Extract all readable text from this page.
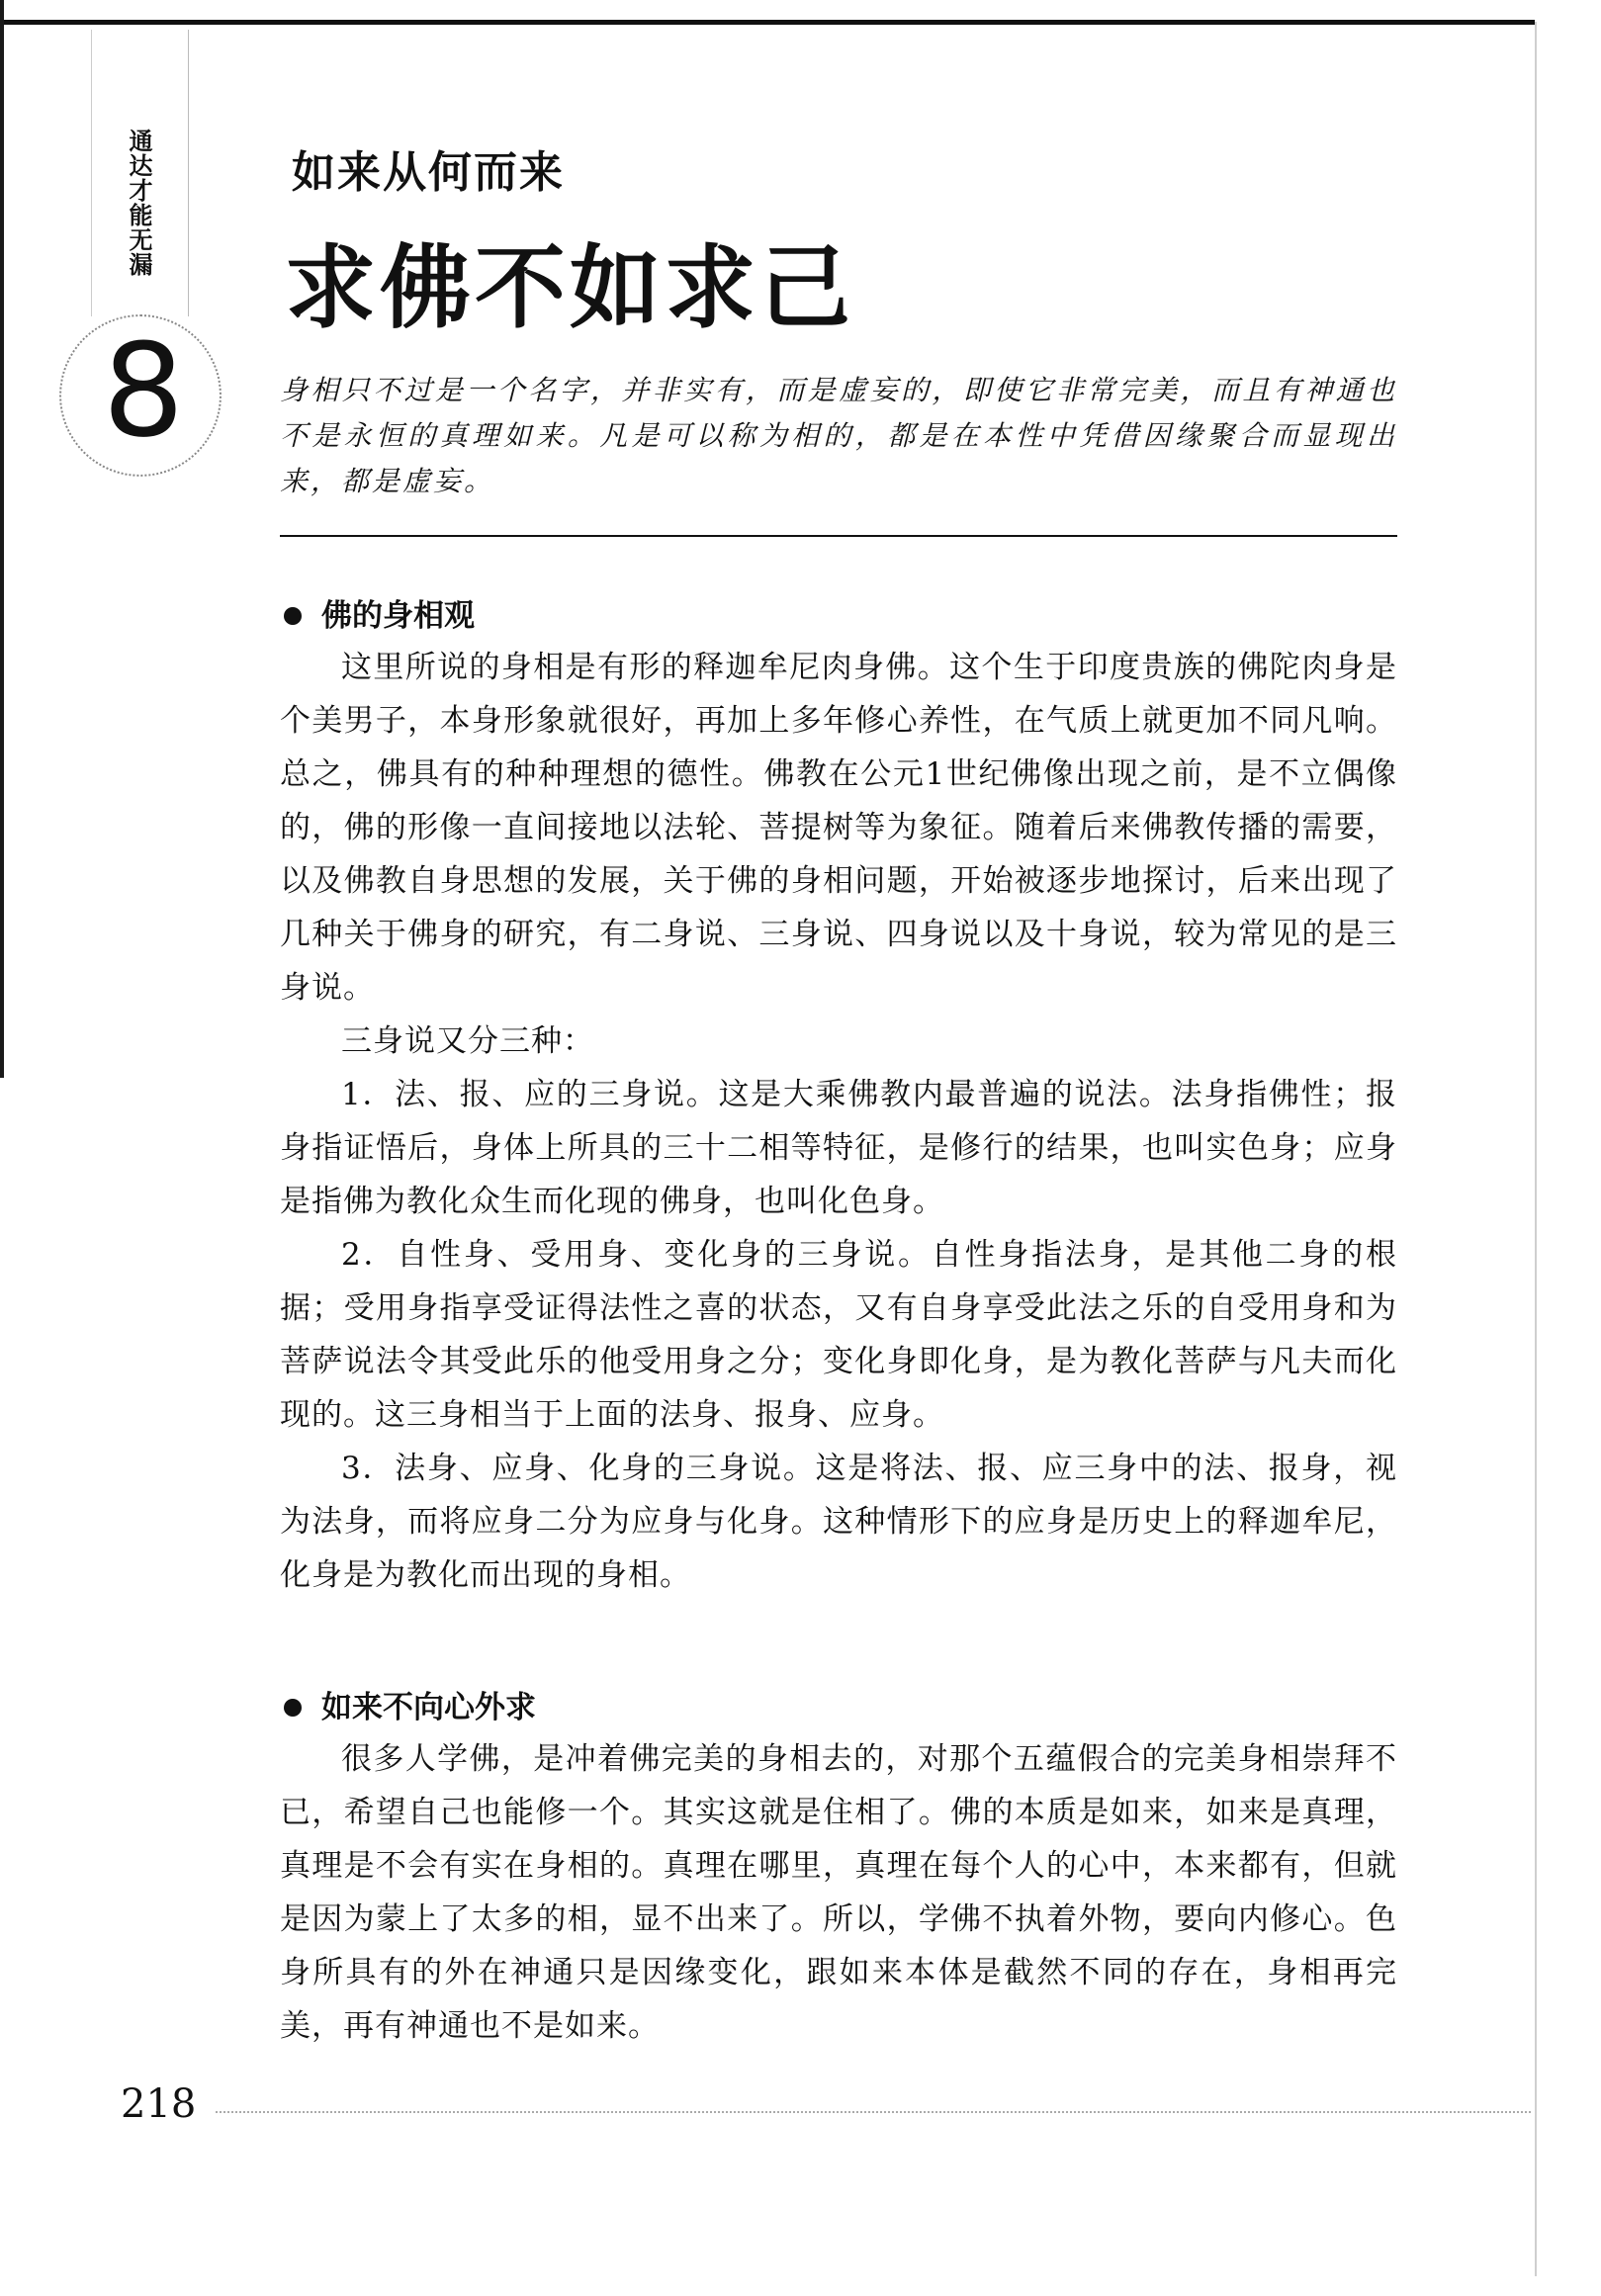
通达才能无漏
8
如来从何而来
求佛不如求己
身相只不过是一个名字，并非实有，而是虚妄的，即使它非常完美，而且有神通也不是永恒的真理如来。凡是可以称为相的，都是在本性中凭借因缘聚合而显现出来，都是虚妄。
佛的身相观

这里所说的身相是有形的释迦牟尼肉身佛。这个生于印度贵族的佛陀肉身是个美男子，本身形象就很好，再加上多年修心养性，在气质上就更加不同凡响。总之，佛具有的种种理想的德性。佛教在公元1世纪佛像出现之前，是不立偶像的，佛的形像一直间接地以法轮、菩提树等为象征。随着后来佛教传播的需要，以及佛教自身思想的发展，关于佛的身相问题，开始被逐步地探讨，后来出现了几种关于佛身的研究，有二身说、三身说、四身说以及十身说，较为常见的是三身说。

三身说又分三种：

1．法、报、应的三身说。这是大乘佛教内最普遍的说法。法身指佛性；报身指证悟后，身体上所具的三十二相等特征，是修行的结果，也叫实色身；应身是指佛为教化众生而化现的佛身，也叫化色身。

2．自性身、受用身、变化身的三身说。自性身指法身，是其他二身的根据；受用身指享受证得法性之喜的状态，又有自身享受此法之乐的自受用身和为菩萨说法令其受此乐的他受用身之分；变化身即化身，是为教化菩萨与凡夫而化现的。这三身相当于上面的法身、报身、应身。

3．法身、应身、化身的三身说。这是将法、报、应三身中的法、报身，视为法身，而将应身二分为应身与化身。这种情形下的应身是历史上的释迦牟尼，化身是为教化而出现的身相。

如来不向心外求

很多人学佛，是冲着佛完美的身相去的，对那个五蕴假合的完美身相崇拜不已，希望自己也能修一个。其实这就是住相了。佛的本质是如来，如来是真理，真理是不会有实在身相的。真理在哪里，真理在每个人的心中，本来都有，但就是因为蒙上了太多的相，显不出来了。所以，学佛不执着外物，要向内修心。色身所具有的外在神通只是因缘变化，跟如来本体是截然不同的存在，身相再完美，再有神通也不是如来。

218
